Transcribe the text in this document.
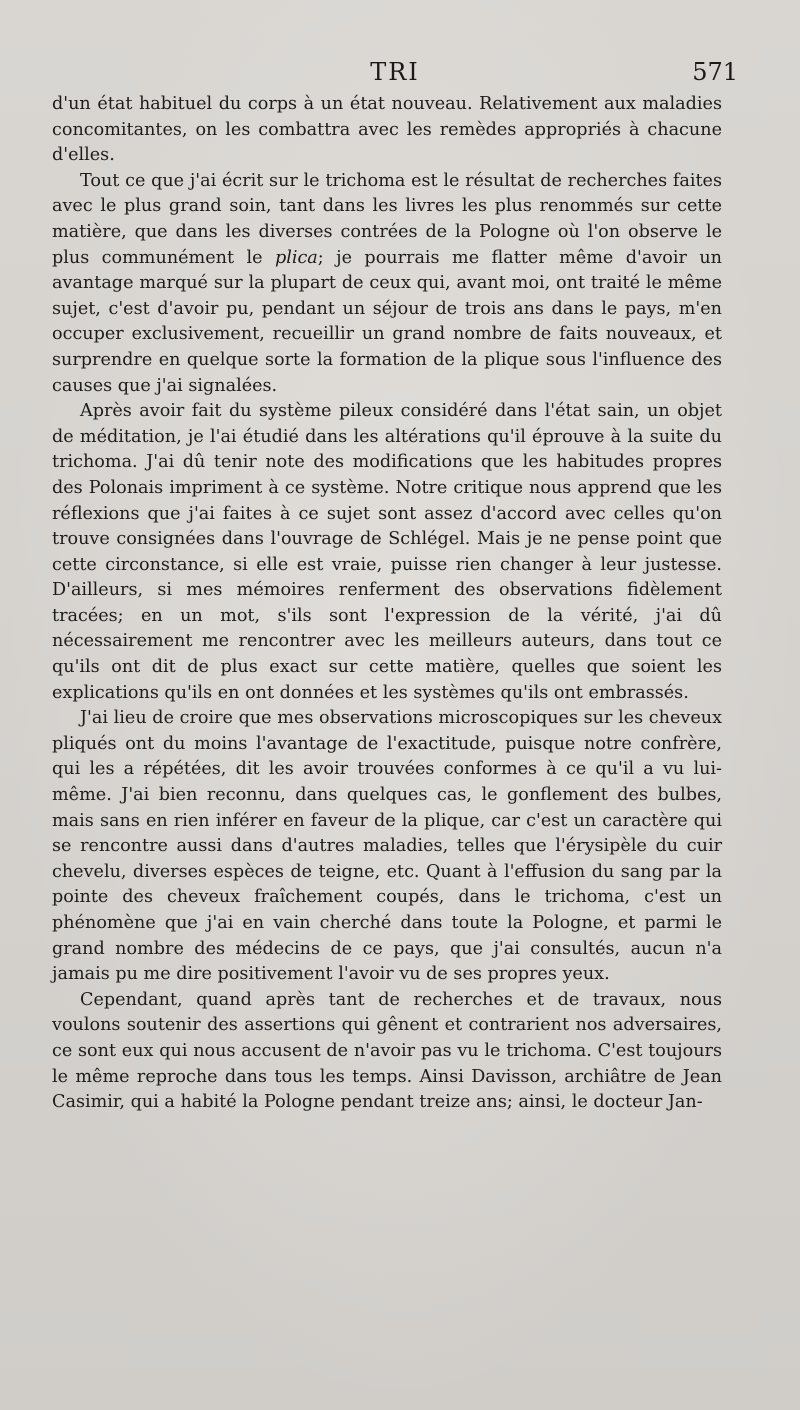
TRI	571

d'un état habituel du corps à un état nouveau. Relativement aux maladies concomitantes, on les combattra avec les remèdes appropriés à chacune d'elles.

Tout ce que j'ai écrit sur le trichoma est le résultat de recherches faites avec le plus grand soin, tant dans les livres les plus renommés sur cette matière, que dans les diverses contrées de la Pologne où l'on observe le plus communément le plica; je pourrais me flatter même d'avoir un avantage marqué sur la plupart de ceux qui, avant moi, ont traité le même sujet, c'est d'avoir pu, pendant un séjour de trois ans dans le pays, m'en occuper exclusivement, recueillir un grand nombre de faits nouveaux, et surprendre en quelque sorte la formation de la plique sous l'influence des causes que j'ai signalées.

Après avoir fait du système pileux considéré dans l'état sain, un objet de méditation, je l'ai étudié dans les altérations qu'il éprouve à la suite du trichoma. J'ai dû tenir note des modifications que les habitudes propres des Polonais impriment à ce système. Notre critique nous apprend que les réflexions que j'ai faites à ce sujet sont assez d'accord avec celles qu'on trouve consignées dans l'ouvrage de Schlégel. Mais je ne pense point que cette circonstance, si elle est vraie, puisse rien changer à leur justesse. D'ailleurs, si mes mémoires renferment des observations fidèlement tracées; en un mot, s'ils sont l'expression de la vérité, j'ai dû nécessairement me rencontrer avec les meilleurs auteurs, dans tout ce qu'ils ont dit de plus exact sur cette matière, quelles que soient les explications qu'ils en ont données et les systèmes qu'ils ont embrassés.

J'ai lieu de croire que mes observations microscopiques sur les cheveux pliqués ont du moins l'avantage de l'exactitude, puisque notre confrère, qui les a répétées, dit les avoir trouvées conformes à ce qu'il a vu lui-même. J'ai bien reconnu, dans quelques cas, le gonflement des bulbes, mais sans en rien inférer en faveur de la plique, car c'est un caractère qui se rencontre aussi dans d'autres maladies, telles que l'érysipèle du cuir chevelu, diverses espèces de teigne, etc. Quant à l'effusion du sang par la pointe des cheveux fraîchement coupés, dans le trichoma, c'est un phénomène que j'ai en vain cherché dans toute la Pologne, et parmi le grand nombre des médecins de ce pays, que j'ai consultés, aucun n'a jamais pu me dire positivement l'avoir vu de ses propres yeux.

Cependant, quand après tant de recherches et de travaux, nous voulons soutenir des assertions qui gênent et contrarient nos adversaires, ce sont eux qui nous accusent de n'avoir pas vu le trichoma. C'est toujours le même reproche dans tous les temps. Ainsi Davisson, archiâtre de Jean Casimir, qui a habité la Pologne pendant treize ans; ainsi, le docteur Jan-
